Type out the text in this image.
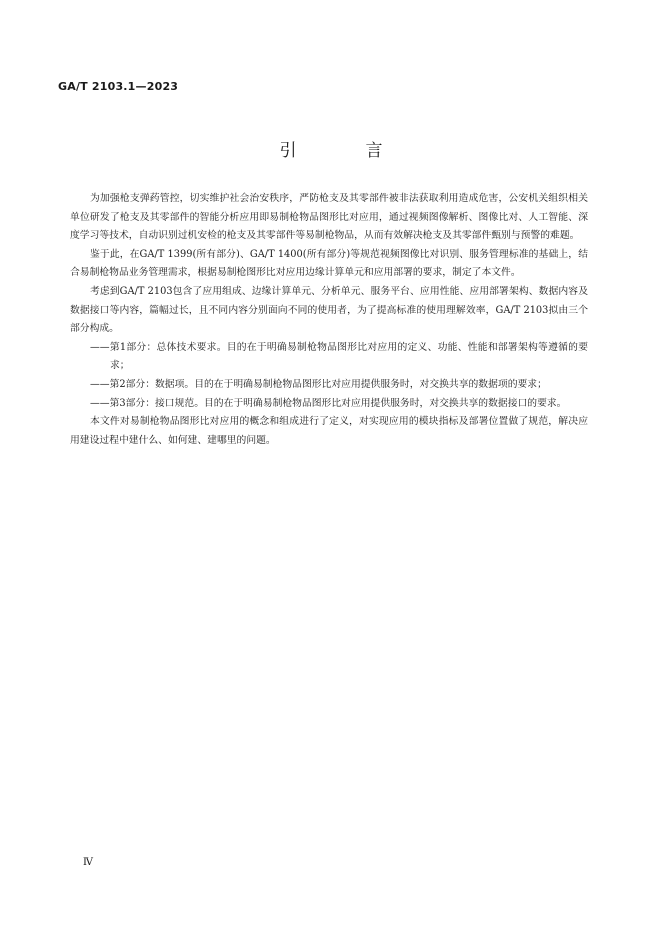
GA/T 2103.1—2023
引　言

为加强枪支弹药管控，切实维护社会治安秩序，严防枪支及其零部件被非法获取利用造成危害，公安机关组织相关单位研发了枪支及其零部件的智能分析应用即易制枪物品图形比对应用，通过视频图像解析、图像比对、人工智能、深度学习等技术，自动识别过机安检的枪支及其零部件等易制枪物品，从而有效解决枪支及其零部件甄别与预警的难题。

鉴于此，在GA/T 1399(所有部分)、GA/T 1400(所有部分)等规范视频图像比对识别、服务管理标准的基础上，结合易制枪物品业务管理需求，根据易制枪图形比对应用边缘计算单元和应用部署的要求，制定了本文件。

考虑到GA/T 2103包含了应用组成、边缘计算单元、分析单元、服务平台、应用性能、应用部署架构、数据内容及数据接口等内容，篇幅过长，且不同内容分别面向不同的使用者，为了提高标准的使用理解效率，GA/T 2103拟由三个部分构成。

——第1部分：总体技术要求。目的在于明确易制枪物品图形比对应用的定义、功能、性能和部署架构等遵循的要求；

——第2部分：数据项。目的在于明确易制枪物品图形比对应用提供服务时，对交换共享的数据项的要求；

——第3部分：接口规范。目的在于明确易制枪物品图形比对应用提供服务时，对交换共享的数据接口的要求。

本文件对易制枪物品图形比对应用的概念和组成进行了定义，对实现应用的模块指标及部署位置做了规范，解决应用建设过程中建什么、如何建、建哪里的问题。

Ⅳ
